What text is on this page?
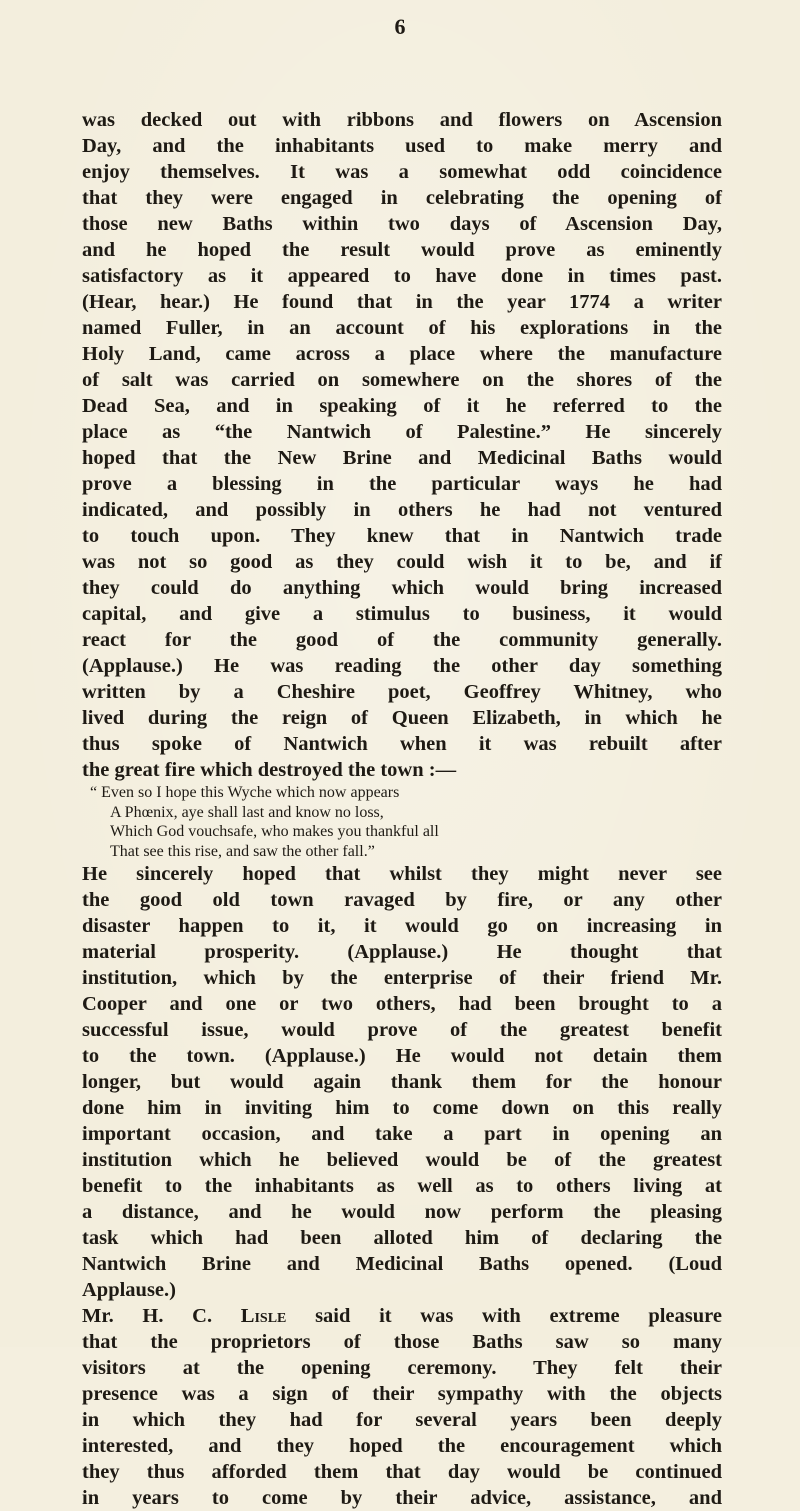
6
was decked out with ribbons and flowers on Ascension
Day, and the inhabitants used to make merry and
enjoy themselves. It was a somewhat odd coincidence
that they were engaged in celebrating the opening of
those new Baths within two days of Ascension Day,
and he hoped the result would prove as eminently
satisfactory as it appeared to have done in times past.
(Hear, hear.) He found that in the year 1774 a writer
named Fuller, in an account of his explorations in the
Holy Land, came across a place where the manufacture
of salt was carried on somewhere on the shores of the
Dead Sea, and in speaking of it he referred to the
place as “the Nantwich of Palestine.” He sincerely
hoped that the New Brine and Medicinal Baths would
prove a blessing in the particular ways he had
indicated, and possibly in others he had not ventured
to touch upon. They knew that in Nantwich trade
was not so good as they could wish it to be, and if
they could do anything which would bring increased
capital, and give a stimulus to business, it would
react for the good of the community generally.
(Applause.) He was reading the other day something
written by a Cheshire poet, Geoffrey Whitney, who
lived during the reign of Queen Elizabeth, in which he
thus spoke of Nantwich when it was rebuilt after
the great fire which destroyed the town :—
“ Even so I hope this Wyche which now appears
A Phœnix, aye shall last and know no loss,
Which God vouchsafe, who makes you thankful all
That see this rise, and saw the other fall.”
He sincerely hoped that whilst they might never see
the good old town ravaged by fire, or any other
disaster happen to it, it would go on increasing in
material prosperity. (Applause.) He thought that
institution, which by the enterprise of their friend Mr.
Cooper and one or two others, had been brought to a
successful issue, would prove of the greatest benefit
to the town. (Applause.) He would not detain them
longer, but would again thank them for the honour
done him in inviting him to come down on this really
important occasion, and take a part in opening an
institution which he believed would be of the greatest
benefit to the inhabitants as well as to others living at
a distance, and he would now perform the pleasing
task which had been alloted him of declaring the
Nantwich Brine and Medicinal Baths opened. (Loud
Applause.)
Mr. H. C. Lisle said it was with extreme pleasure
that the proprietors of those Baths saw so many
visitors at the opening ceremony. They felt their
presence was a sign of their sympathy with the objects
in which they had for several years been deeply
interested, and they hoped the encouragement which
they thus afforded them that day would be continued
in years to come by their advice, assistance, and
